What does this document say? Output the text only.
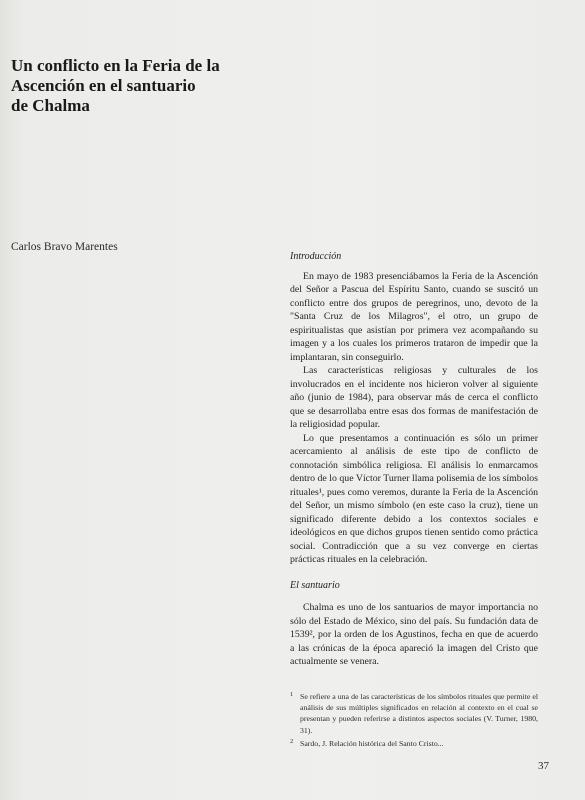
Un conflicto en la Feria de la
Ascención en el santuario
de Chalma
Carlos Bravo Marentes
Introducción

En mayo de 1983 presenciábamos la Feria de la Ascención del Señor a Pascua del Espíritu Santo, cuando se suscitó un conflicto entre dos grupos de peregrinos, uno, devoto de la "Santa Cruz de los Milagros", el otro, un grupo de espiritualistas que asistían por primera vez acompañando su imagen y a los cuales los primeros trataron de impedir que la implantaran, sin conseguirlo.

Las características religiosas y culturales de los involucrados en el incidente nos hicieron volver al siguiente año (junio de 1984), para observar más de cerca el conflicto que se desarrollaba entre esas dos formas de manifestación de la religiosidad popular.

Lo que presentamos a continuación es sólo un primer acercamiento al análisis de este tipo de conflicto de connotación simbólica religiosa. El análisis lo enmarcamos dentro de lo que Víctor Turner llama polisemia de los símbolos rituales¹, pues como veremos, durante la Feria de la Ascención del Señor, un mismo símbolo (en este caso la cruz), tiene un significado diferente debido a los contextos sociales e ideológicos en que dichos grupos tienen sentido como práctica social. Contradicción que a su vez converge en ciertas prácticas rituales en la celebración.

El santuario

Chalma es uno de los santuarios de mayor importancia no sólo del Estado de México, sino del país. Su fundación data de 1539², por la orden de los Agustinos, fecha en que de acuerdo a las crónicas de la época apareció la imagen del Cristo que actualmente se venera.

1 Se refiere a una de las características de los símbolos rituales que permite el análisis de sus múltiples significados en relación al contexto en el cual se presentan y pueden referirse a distintos aspectos sociales (V. Turner, 1980, 31).
2 Sardo, J. Relación histórica del Santo Cristo...
37
